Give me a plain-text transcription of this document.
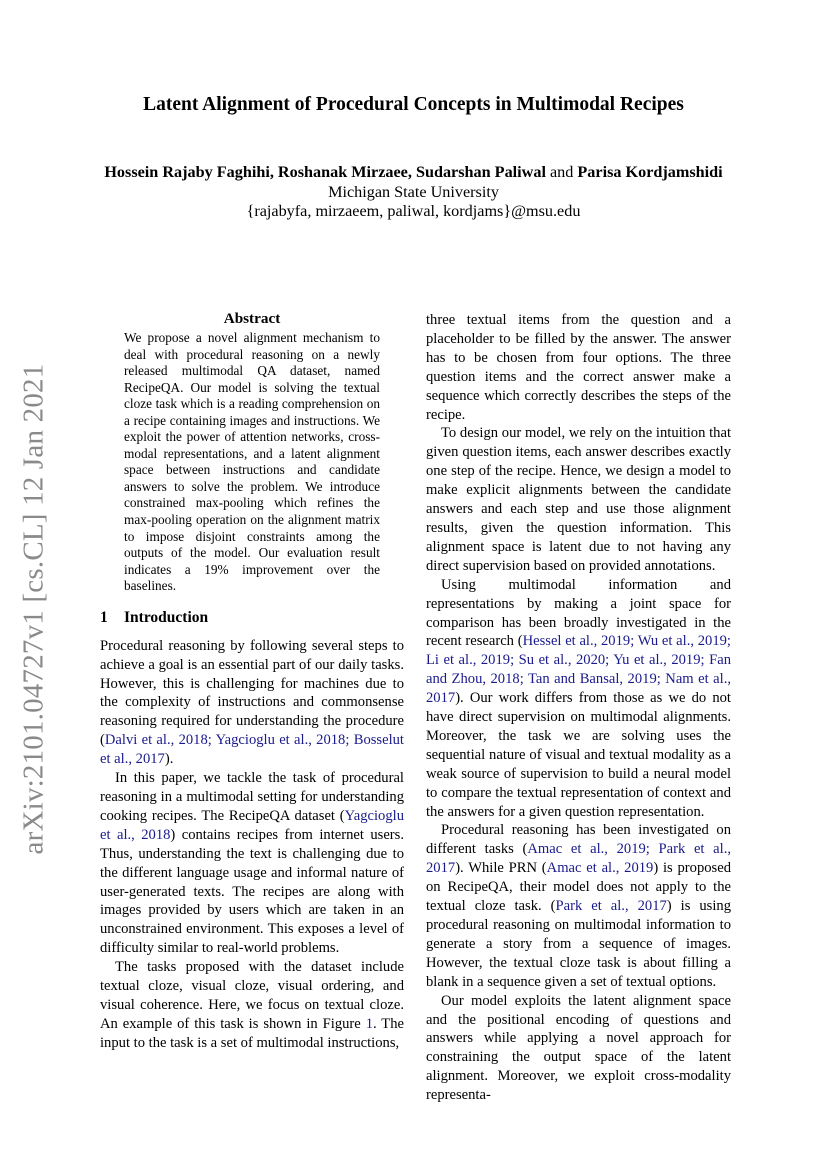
arXiv:2101.04727v1 [cs.CL] 12 Jan 2021
Latent Alignment of Procedural Concepts in Multimodal Recipes
Hossein Rajaby Faghihi, Roshanak Mirzaee, Sudarshan Paliwal and Parisa Kordjamshidi
Michigan State University
{rajabyfa, mirzaeem, paliwal, kordjams}@msu.edu
Abstract

We propose a novel alignment mechanism to deal with procedural reasoning on a newly released multimodal QA dataset, named RecipeQA. Our model is solving the textual cloze task which is a reading comprehension on a recipe containing images and instructions. We exploit the power of attention networks, cross-modal representations, and a latent alignment space between instructions and candidate answers to solve the problem. We introduce constrained max-pooling which refines the max-pooling operation on the alignment matrix to impose disjoint constraints among the outputs of the model. Our evaluation result indicates a 19% improvement over the baselines.

1 Introduction

Procedural reasoning by following several steps to achieve a goal is an essential part of our daily tasks. However, this is challenging for machines due to the complexity of instructions and commonsense reasoning required for understanding the procedure (Dalvi et al., 2018; Yagcioglu et al., 2018; Bosselut et al., 2017).

In this paper, we tackle the task of procedural reasoning in a multimodal setting for understanding cooking recipes. The RecipeQA dataset (Yagcioglu et al., 2018) contains recipes from internet users. Thus, understanding the text is challenging due to the different language usage and informal nature of user-generated texts. The recipes are along with images provided by users which are taken in an unconstrained environment. This exposes a level of difficulty similar to real-world problems.

The tasks proposed with the dataset include textual cloze, visual cloze, visual ordering, and visual coherence. Here, we focus on textual cloze. An example of this task is shown in Figure 1. The input to the task is a set of multimodal instructions,

three textual items from the question and a placeholder to be filled by the answer. The answer has to be chosen from four options. The three question items and the correct answer make a sequence which correctly describes the steps of the recipe.

To design our model, we rely on the intuition that given question items, each answer describes exactly one step of the recipe. Hence, we design a model to make explicit alignments between the candidate answers and each step and use those alignment results, given the question information. This alignment space is latent due to not having any direct supervision based on provided annotations.

Using multimodal information and representations by making a joint space for comparison has been broadly investigated in the recent research (Hessel et al., 2019; Wu et al., 2019; Li et al., 2019; Su et al., 2020; Yu et al., 2019; Fan and Zhou, 2018; Tan and Bansal, 2019; Nam et al., 2017). Our work differs from those as we do not have direct supervision on multimodal alignments. Moreover, the task we are solving uses the sequential nature of visual and textual modality as a weak source of supervision to build a neural model to compare the textual representation of context and the answers for a given question representation.

Procedural reasoning has been investigated on different tasks (Amac et al., 2019; Park et al., 2017). While PRN (Amac et al., 2019) is proposed on RecipeQA, their model does not apply to the textual cloze task. (Park et al., 2017) is using procedural reasoning on multimodal information to generate a story from a sequence of images. However, the textual cloze task is about filling a blank in a sequence given a set of textual options.

Our model exploits the latent alignment space and the positional encoding of questions and answers while applying a novel approach for constraining the output space of the latent alignment. Moreover, we exploit cross-modality representa-
